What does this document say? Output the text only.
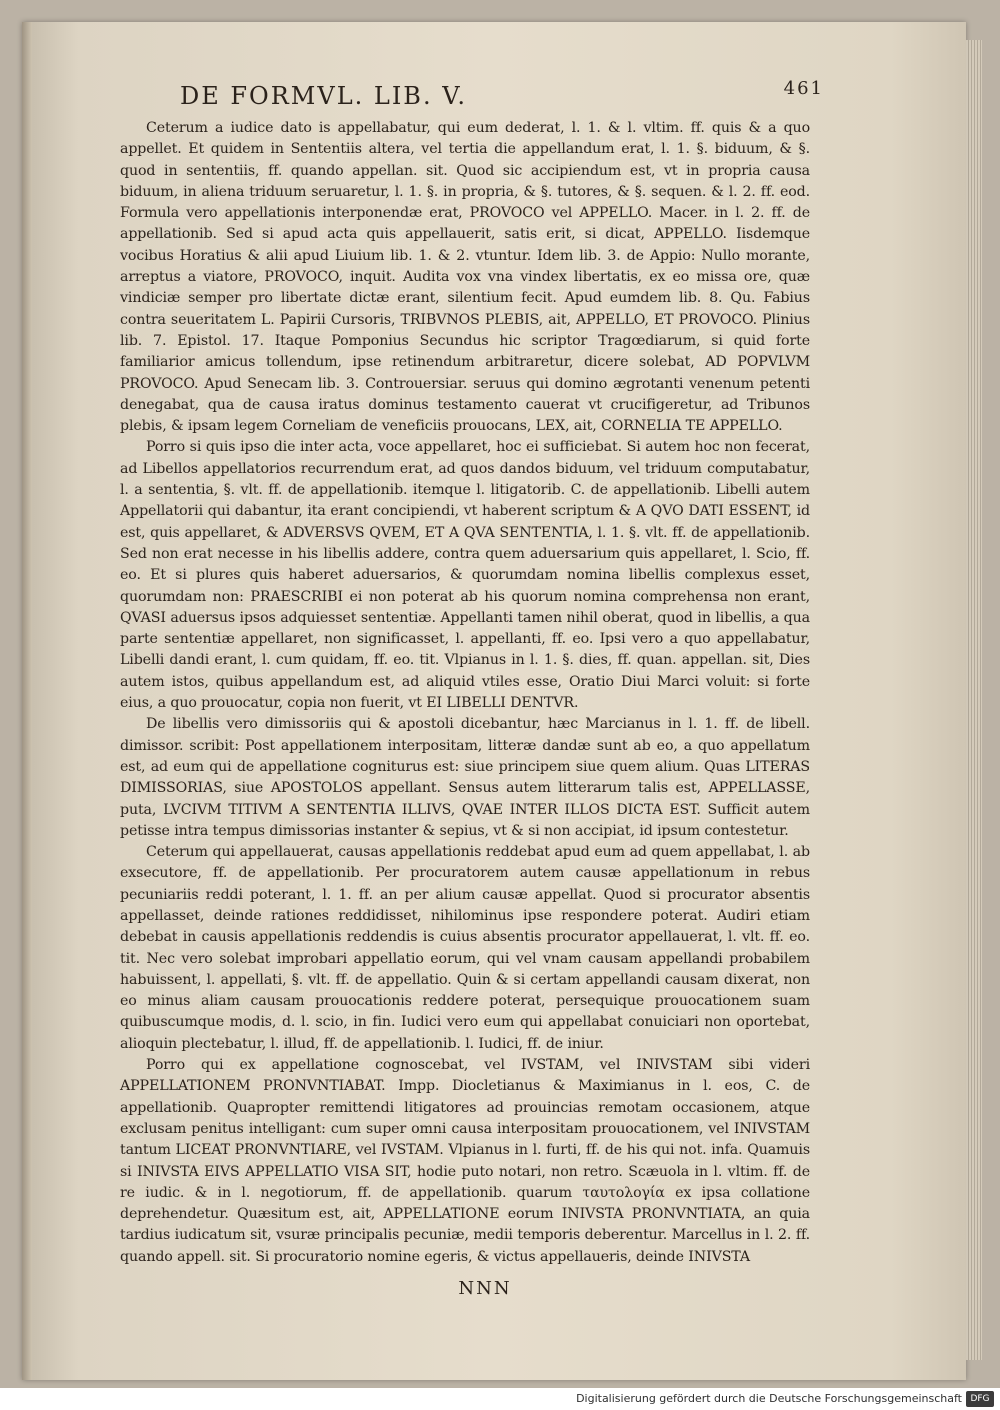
DE FORMVL. LIB. V.	461

Ceterum a iudice dato is appellabatur, qui eum dederat, l. 1. & l. vltim. ff. quis & a quo appellet. Et quidem in Sententiis altera, vel tertia die appellandum erat, l. 1. §. biduum, & §. quod in sententiis, ff. quando appellan. sit. Quod sic accipiendum est, vt in propria causa biduum, in aliena triduum seruaretur, l. 1. §. in propria, & §. tutores, & §. sequen. & l. 2. ff. eod. Formula vero appellationis interponendæ erat, PROVOCO vel APPELLO. Macer. in l. 2. ff. de appellationib. Sed si apud acta quis appellauerit, satis erit, si dicat, APPELLO. Iisdemque vocibus Horatius & alii apud Liuium lib. 1. & 2. vtuntur. Idem lib. 3. de Appio: Nullo morante, arreptus a viatore, PROVOCO, inquit. Audita vox vna vindex libertatis, ex eo missa ore, quæ vindiciæ semper pro libertate dictæ erant, silentium fecit. Apud eumdem lib. 8. Qu. Fabius contra seueritatem L. Papirii Cursoris, TRIBVNOS PLEBIS, ait, APPELLO, ET PROVOCO. Plinius lib. 7. Epistol. 17. Itaque Pomponius Secundus hic scriptor Tragœdiarum, si quid forte familiarior amicus tollendum, ipse retinendum arbitraretur, dicere solebat, AD POPVLVM PROVOCO. Apud Senecam lib. 3. Controuersiar. seruus qui domino ægrotanti venenum petenti denegabat, qua de causa iratus dominus testamento cauerat vt crucifigeretur, ad Tribunos plebis, & ipsam legem Corneliam de veneficiis prouocans, LEX, ait, CORNELIA TE APPELLO.

Porro si quis ipso die inter acta, voce appellaret, hoc ei sufficiebat. Si autem hoc non fecerat, ad Libellos appellatorios recurrendum erat, ad quos dandos biduum, vel triduum computabatur, l. a sententia, §. vlt. ff. de appellationib. itemque l. litigatorib. C. de appellationib. Libelli autem Appellatorii qui dabantur, ita erant concipiendi, vt haberent scriptum & A QVO DATI ESSENT, id est, quis appellaret, & ADVERSVS QVEM, ET A QVA SENTENTIA, l. 1. §. vlt. ff. de appellationib. Sed non erat necesse in his libellis addere, contra quem aduersarium quis appellaret, l. Scio, ff. eo. Et si plures quis haberet aduersarios, & quorumdam nomina libellis complexus esset, quorumdam non: PRAESCRIBI ei non poterat ab his quorum nomina comprehensa non erant, QVASI aduersus ipsos adquiesset sententiæ. Appellanti tamen nihil oberat, quod in libellis, a qua parte sententiæ appellaret, non significasset, l. appellanti, ff. eo. Ipsi vero a quo appellabatur, Libelli dandi erant, l. cum quidam, ff. eo. tit. Vlpianus in l. 1. §. dies, ff. quan. appellan. sit, Dies autem istos, quibus appellandum est, ad aliquid vtiles esse, Oratio Diui Marci voluit: si forte eius, a quo prouocatur, copia non fuerit, vt EI LIBELLI DENTVR.

De libellis vero dimissoriis qui & apostoli dicebantur, hæc Marcianus in l. 1. ff. de libell. dimissor. scribit: Post appellationem interpositam, litteræ dandæ sunt ab eo, a quo appellatum est, ad eum qui de appellatione cogniturus est: siue principem siue quem alium. Quas LITERAS DIMISSORIAS, siue APOSTOLOS appellant. Sensus autem litterarum talis est, APPELLASSE, puta, LVCIVM TITIVM A SENTENTIA ILLIVS, QVAE INTER ILLOS DICTA EST. Sufficit autem petisse intra tempus dimissorias instanter & sepius, vt & si non accipiat, id ipsum contestetur.

Ceterum qui appellauerat, causas appellationis reddebat apud eum ad quem appellabat, l. ab exsecutore, ff. de appellationib. Per procuratorem autem causæ appellationum in rebus pecuniariis reddi poterant, l. 1. ff. an per alium causæ appellat. Quod si procurator absentis appellasset, deinde rationes reddidisset, nihilominus ipse respondere poterat. Audiri etiam debebat in causis appellationis reddendis is cuius absentis procurator appellauerat, l. vlt. ff. eo. tit. Nec vero solebat improbari appellatio eorum, qui vel vnam causam appellandi probabilem habuissent, l. appellati, §. vlt. ff. de appellatio. Quin & si certam appellandi causam dixerat, non eo minus aliam causam prouocationis reddere poterat, persequique prouocationem suam quibuscumque modis, d. l. scio, in fin. Iudici vero eum qui appellabat conuiciari non oportebat, alioquin plectebatur, l. illud, ff. de appellationib. l. Iudici, ff. de iniur.

Porro qui ex appellatione cognoscebat, vel IVSTAM, vel INIVSTAM sibi videri APPELLATIONEM PRONVNTIABAT. Impp. Diocletianus & Maximianus in l. eos, C. de appellationib. Quapropter remittendi litigatores ad prouincias remotam occasionem, atque exclusam penitus intelligant: cum super omni causa interpositam prouocationem, vel INIVSTAM tantum LICEAT PRONVNTIARE, vel IVSTAM. Vlpianus in l. furti, ff. de his qui not. infa. Quamuis si INIVSTA EIVS APPELLATIO VISA SIT, hodie puto notari, non retro. Scæuola in l. vltim. ff. de re iudic. & in l. negotiorum, ff. de appellationib. quarum ταυτολογία ex ipsa collatione deprehendetur. Quæsitum est, ait, APPELLATIONE eorum INIVSTA PRONVNTIATA, an quia tardius iudicatum sit, vsuræ principalis pecuniæ, medii temporis deberentur. Marcellus in l. 2. ff. quando appell. sit. Si procuratorio nomine egeris, & victus appellaueris, deinde INIVSTA

NNN
Digitalisierung gefördert durch die Deutsche Forschungsgemeinschaft DFG
